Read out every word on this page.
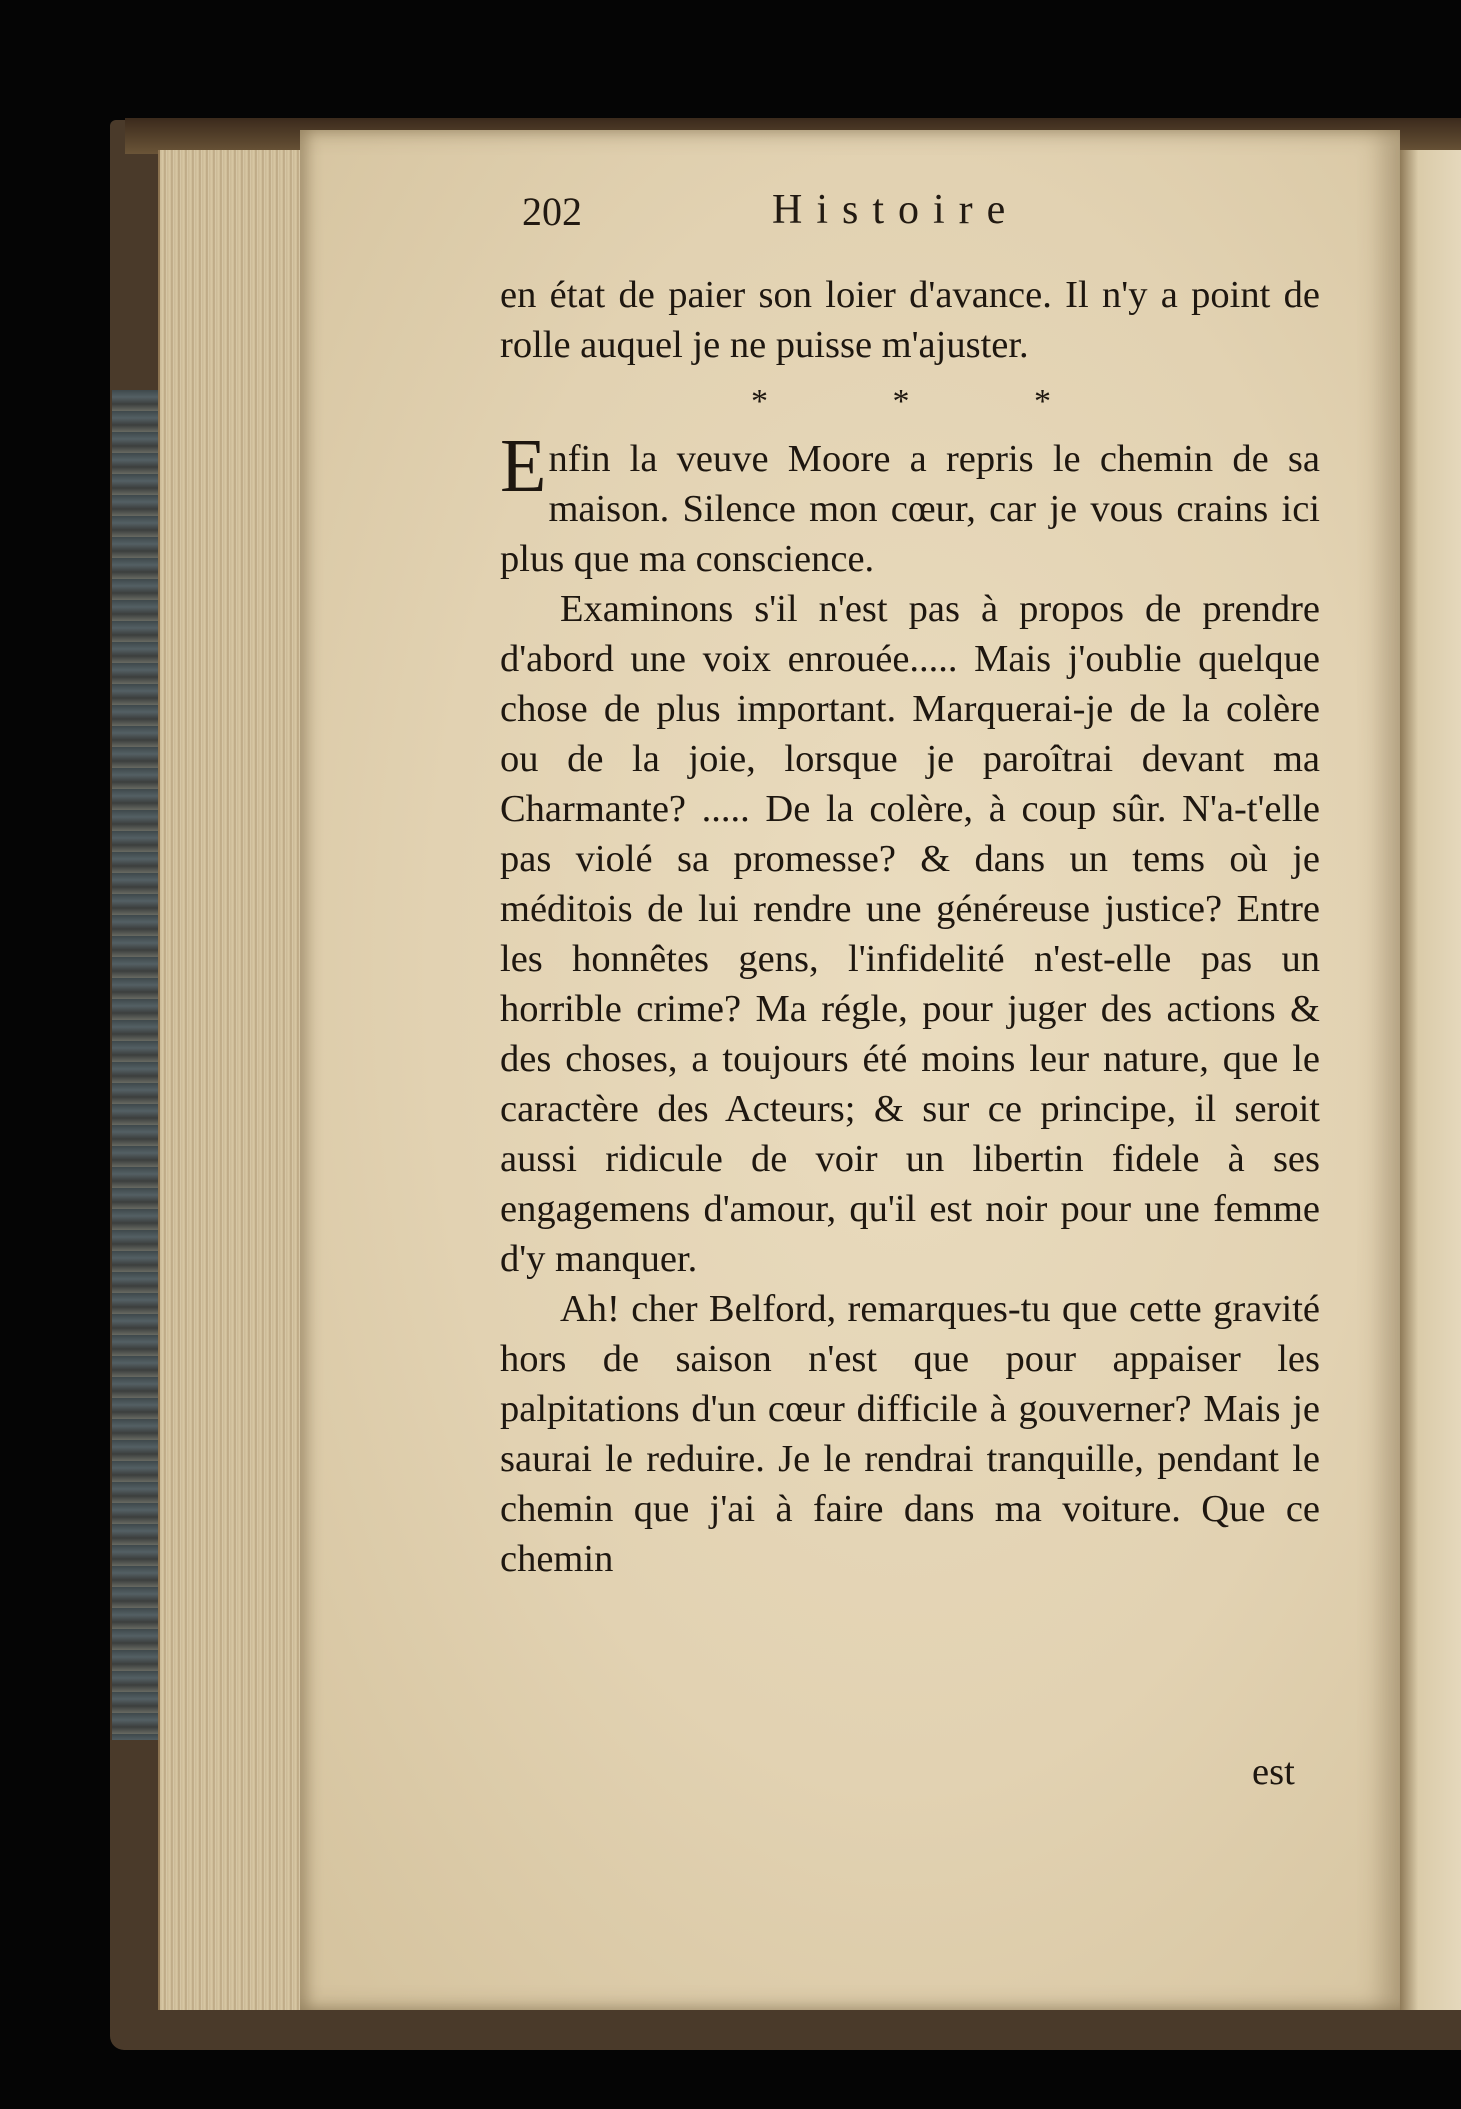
202	Histoire

en état de paier son loier d'avance. Il n'y a point de rolle auquel je ne puisse m'ajuster.

* * *

Enfin la veuve Moore a repris le chemin de sa maison. Silence mon cœur, car je vous crains ici plus que ma conscience.

Examinons s'il n'est pas à propos de prendre d'abord une voix enrouée..... Mais j'oublie quelque chose de plus important. Marquerai-je de la colère ou de la joie, lorsque je paroîtrai devant ma Charmante? ..... De la colère, à coup sûr. N'a-t'elle pas violé sa promesse? & dans un tems où je méditois de lui rendre une généreuse justice? Entre les honnêtes gens, l'infidelité n'est-elle pas un horrible crime? Ma régle, pour juger des actions & des choses, a toujours été moins leur nature, que le caractère des Acteurs; & sur ce principe, il seroit aussi ridicule de voir un libertin fidele à ses engagemens d'amour, qu'il est noir pour une femme d'y manquer.

Ah! cher Belford, remarques-tu que cette gravité hors de saison n'est que pour appaiser les palpitations d'un cœur difficile à gouverner? Mais je saurai le reduire. Je le rendrai tranquille, pendant le chemin que j'ai à faire dans ma voiture. Que ce chemin

est
